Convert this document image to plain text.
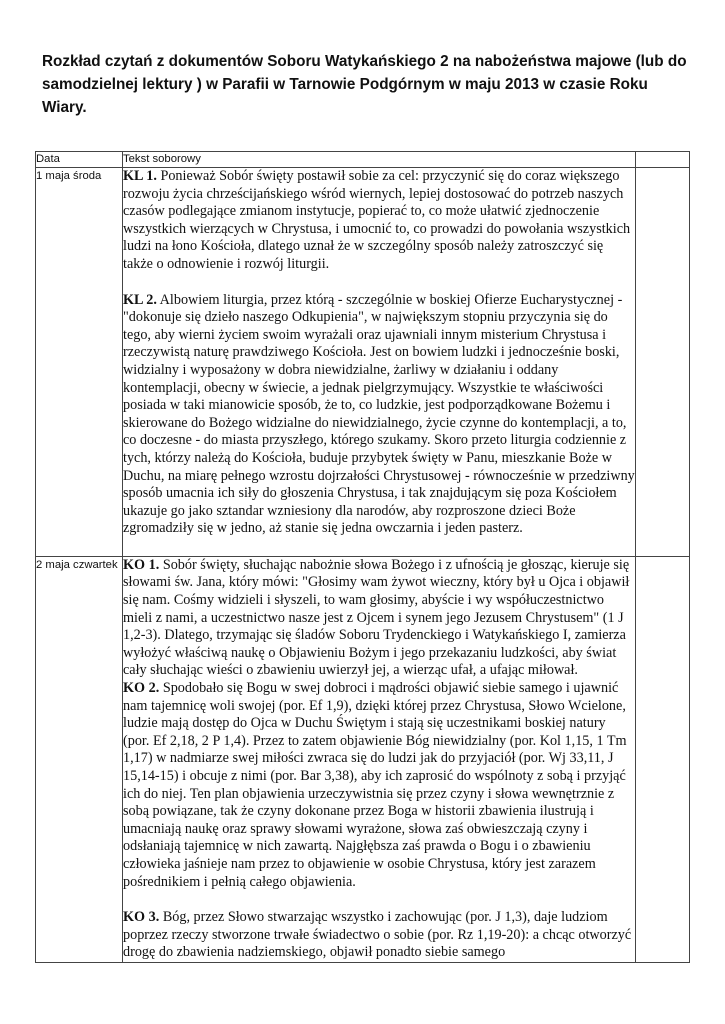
Rozkład czytań z dokumentów Soboru Watykańskiego 2 na nabożeństwa majowe (lub do samodzielnej lektury ) w Parafii w Tarnowie Podgórnym w maju 2013 w czasie Roku Wiary.
Data	Tekst soborowy	
1 maja środa	KL 1. Ponieważ Sobór święty postawił sobie za cel: przyczynić się do coraz większego rozwoju życia chrześcijańskiego wśród wiernych, lepiej dostosować do potrzeb naszych czasów podlegające zmianom instytucje, popierać to, co może ułatwić zjednoczenie wszystkich wierzących w Chrystusa, i umocnić to, co prowadzi do powołania wszystkich ludzi na łono Kościoła, dlatego uznał że w szczególny sposób należy zatroszczyć się także o odnowienie i rozwój liturgii.

KL 2. Albowiem liturgia, przez którą - szczególnie w boskiej Ofierze Eucharystycznej - "dokonuje się dzieło naszego Odkupienia", w największym stopniu przyczynia się do tego, aby wierni życiem swoim wyrażali oraz ujawniali innym misterium Chrystusa i rzeczywistą naturę prawdziwego Kościoła. Jest on bowiem ludzki i jednocześnie boski, widzialny i wyposażony w dobra niewidzialne, żarliwy w działaniu i oddany kontemplacji, obecny w świecie, a jednak pielgrzymujący. Wszystkie te właściwości posiada w taki mianowicie sposób, że to, co ludzkie, jest podporządkowane Bożemu i skierowane do Bożego widzialne do niewidzialnego, życie czynne do kontemplacji, a to, co doczesne - do miasta przyszłego, którego szukamy. Skoro przeto liturgia codziennie z tych, którzy należą do Kościoła, buduje przybytek święty w Panu, mieszkanie Boże w Duchu, na miarę pełnego wzrostu dojrzałości Chrystusowej - równocześnie w przedziwny sposób umacnia ich siły do głoszenia Chrystusa, i tak znajdującym się poza Kościołem ukazuje go jako sztandar wzniesiony dla narodów, aby rozproszone dzieci Boże zgromadziły się w jedno, aż stanie się jedna owczarnia i jeden pasterz.	

2 maja czwartek	KO 1. Sobór święty, słuchając nabożnie słowa Bożego i z ufnością je głosząc, kieruje się słowami św. Jana, który mówi: "Głosimy wam żywot wieczny, który był u Ojca i objawił się nam. Cośmy widzieli i słyszeli, to wam głosimy, abyście i wy współuczestnictwo mieli z nami, a uczestnictwo nasze jest z Ojcem i synem jego Jezusem Chrystusem" (1 J 1,2-3). Dlatego, trzymając się śladów Soboru Trydenckiego i Watykańskiego I, zamierza wyłożyć właściwą naukę o Objawieniu Bożym i jego przekazaniu ludzkości, aby świat cały słuchając wieści o zbawieniu uwierzył jej, a wierząc ufał, a ufając miłował.

KO 2. Spodobało się Bogu w swej dobroci i mądrości objawić siebie samego i ujawnić nam tajemnicę woli swojej (por. Ef 1,9), dzięki której przez Chrystusa, Słowo Wcielone, ludzie mają dostęp do Ojca w Duchu Świętym i stają się uczestnikami boskiej natury (por. Ef 2,18, 2 P 1,4). Przez to zatem objawienie Bóg niewidzialny (por. Kol 1,15, 1 Tm 1,17) w nadmiarze swej miłości zwraca się do ludzi jak do przyjaciół (por. Wj 33,11, J 15,14-15) i obcuje z nimi (por. Bar 3,38), aby ich zaprosić do wspólnoty z sobą i przyjąć ich do niej. Ten plan objawienia urzeczywistnia się przez czyny i słowa wewnętrznie z sobą powiązane, tak że czyny dokonane przez Boga w historii zbawienia ilustrują i umacniają naukę oraz sprawy słowami wyrażone, słowa zaś obwieszczają czyny i odsłaniają tajemnicę w nich zawartą. Najgłębsza zaś prawda o Bogu i o zbawieniu człowieka jaśnieje nam przez to objawienie w osobie Chrystusa, który jest zarazem pośrednikiem i pełnią całego objawienia.

KO 3. Bóg, przez Słowo stwarzając wszystko i zachowując (por. J 1,3), daje ludziom poprzez rzeczy stworzone trwałe świadectwo o sobie (por. Rz 1,19-20): a chcąc otworzyć drogę do zbawienia nadziemskiego, objawił ponadto siebie samego	
